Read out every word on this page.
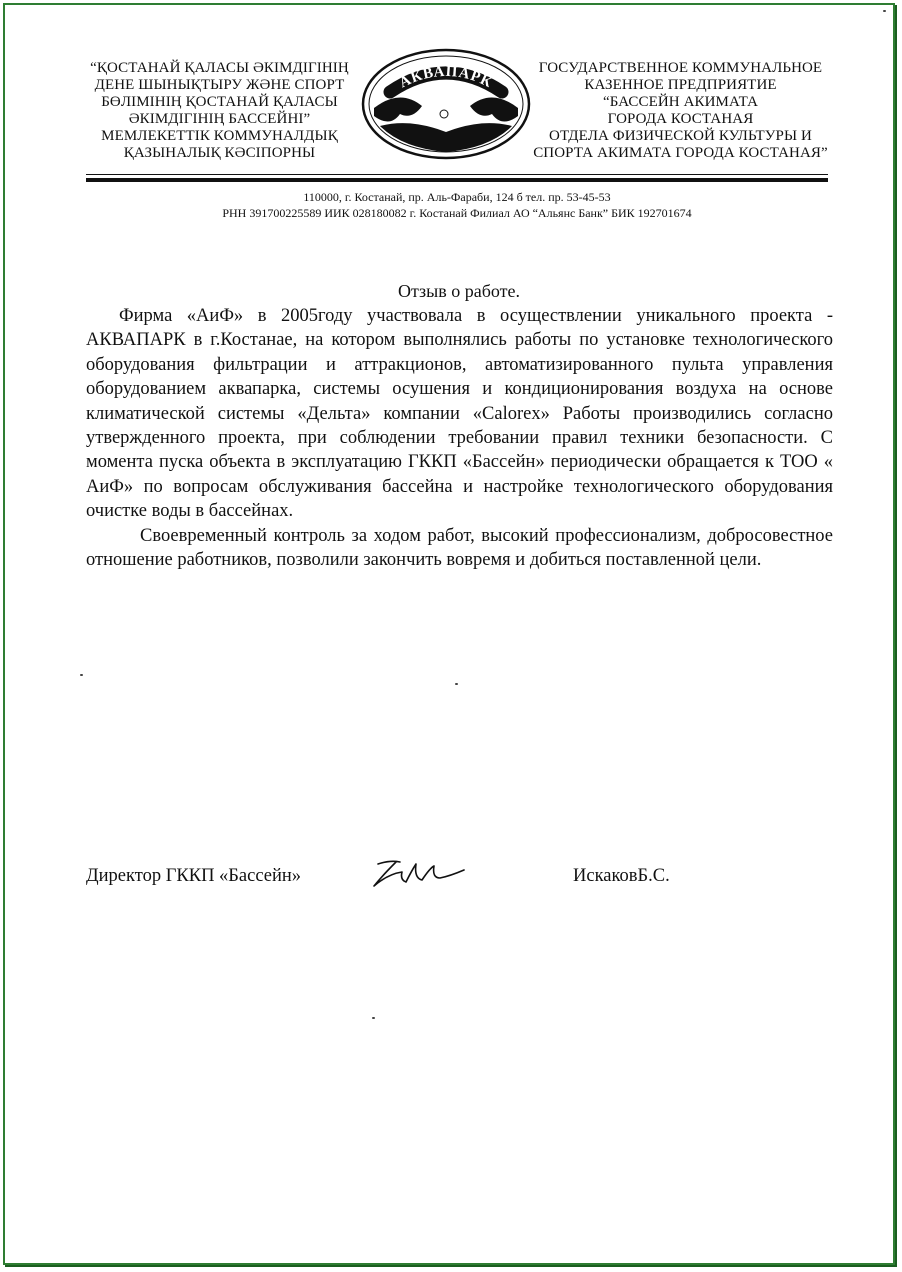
“ҚОСТАНАЙ ҚАЛАСЫ ӘКІМДІГІНІҢ
ДЕНЕ ШЫНЫҚТЫРУ ЖӘНЕ СПОРТ
БӨЛІМІНІҢ ҚОСТАНАЙ ҚАЛАСЫ
ӘКІМДІГІНІҢ БАССЕЙНІ”
МЕМЛЕКЕТТІК КОММУНАЛДЫҚ
ҚАЗЫНАЛЫҚ КӘСІПОРНЫ
АКВАПАРК
ГОСУДАРСТВЕННОЕ КОММУНАЛЬНОЕ
КАЗЕННОЕ ПРЕДПРИЯТИЕ
“БАССЕЙН АКИМАТА
ГОРОДА КОСТАНАЯ
ОТДЕЛА ФИЗИЧЕСКОЙ КУЛЬТУРЫ И
СПОРТА АКИМАТА ГОРОДА КОСТАНАЯ”
110000, г. Костанай, пр. Аль-Фараби, 124 б тел. пр. 53-45-53
РНН 391700225589 ИИК 028180082 г. Костанай Филиал АО “Альянс Банк” БИК 192701674
Отзыв о работе.

Фирма «АиФ» в 2005году участвовала в осуществлении уникального проекта - АКВАПАРК в г.Костанае, на котором выполнялись работы по установке технологического оборудования фильтрации и аттракционов, автоматизированного пульта управления оборудованием аквапарка, системы осушения и кондиционирования воздуха на основе климатической системы «Дельта» компании «Calorex» Работы производились согласно утвержденного проекта, при соблюдении требовании правил техники безопасности. С момента пуска объекта в эксплуатацию ГККП «Бассейн» периодически обращается к ТОО « АиФ» по вопросам обслуживания бассейна и настройке технологического оборудования очистке воды в бассейнах.

Своевременный контроль за ходом работ, высокий профессионализм, добросовестное отношение работников, позволили закончить вовремя и добиться поставленной цели.

Директор ГККП «Бассейн»	ИскаковБ.С.
